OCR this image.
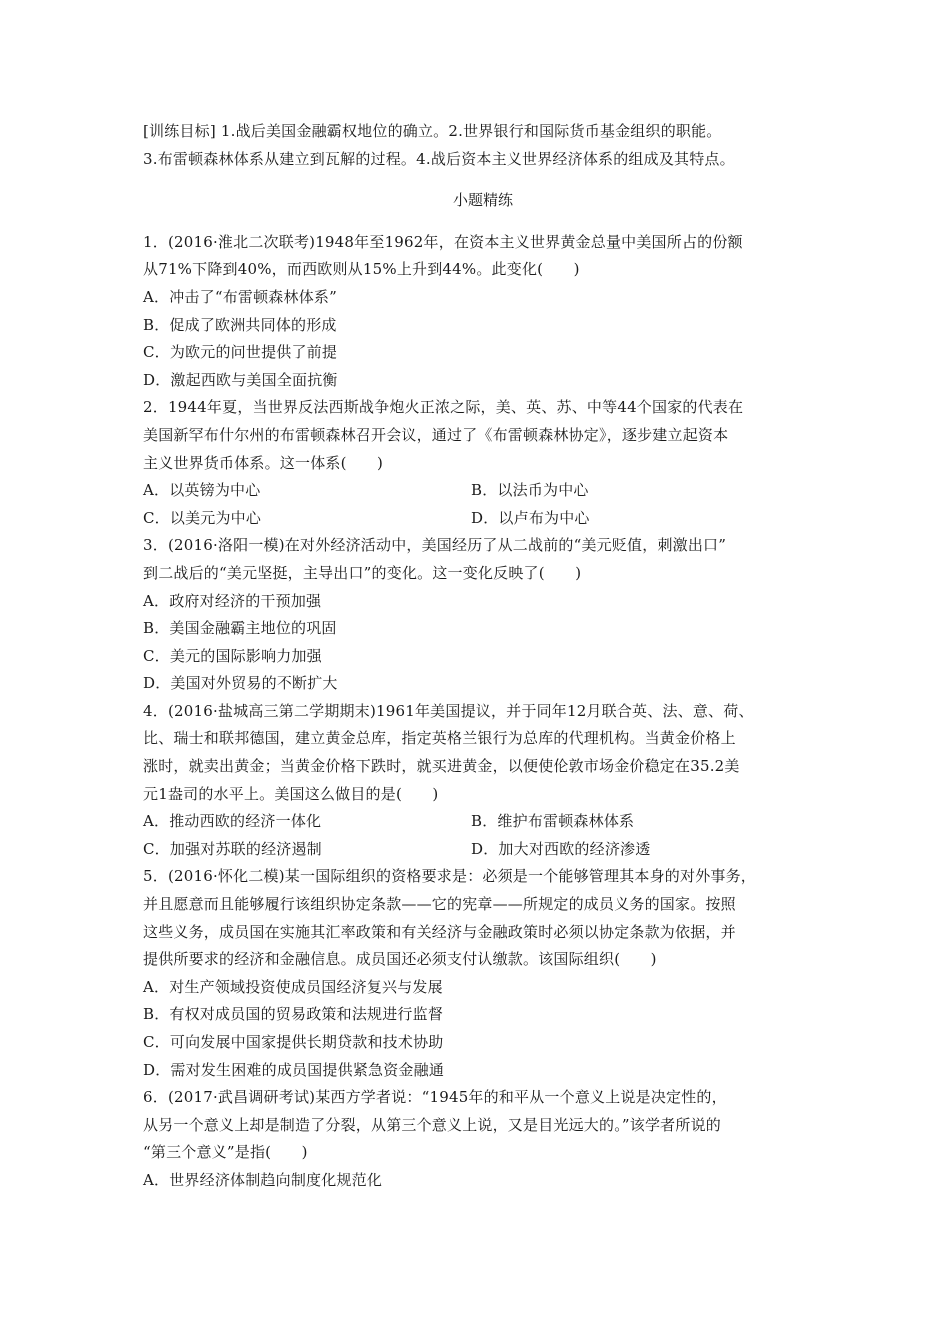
[训练目标] 1.战后美国金融霸权地位的确立。2.世界银行和国际货币基金组织的职能。
3.布雷顿森林体系从建立到瓦解的过程。4.战后资本主义世界经济体系的组成及其特点。
小题精练
1．(2016·淮北二次联考)1948年至1962年，在资本主义世界黄金总量中美国所占的份额
从71%下降到40%，而西欧则从15%上升到44%。此变化(　　)
A．冲击了“布雷顿森林体系”
B．促成了欧洲共同体的形成
C．为欧元的问世提供了前提
D．激起西欧与美国全面抗衡
2．1944年夏，当世界反法西斯战争炮火正浓之际，美、英、苏、中等44个国家的代表在
美国新罕布什尔州的布雷顿森林召开会议，通过了《布雷顿森林协定》，逐步建立起资本
主义世界货币体系。这一体系(　　)
A．以英镑为中心	B．以法币为中心
C．以美元为中心	D．以卢布为中心
3．(2016·洛阳一模)在对外经济活动中，美国经历了从二战前的“美元贬值，刺激出口”
到二战后的“美元坚挺，主导出口”的变化。这一变化反映了(　　)
A．政府对经济的干预加强
B．美国金融霸主地位的巩固
C．美元的国际影响力加强
D．美国对外贸易的不断扩大
4．(2016·盐城高三第二学期期末)1961年美国提议，并于同年12月联合英、法、意、荷、
比、瑞士和联邦德国，建立黄金总库，指定英格兰银行为总库的代理机构。当黄金价格上
涨时，就卖出黄金；当黄金价格下跌时，就买进黄金，以便使伦敦市场金价稳定在35.2美
元1盎司的水平上。美国这么做目的是(　　)
A．推动西欧的经济一体化	B．维护布雷顿森林体系
C．加强对苏联的经济遏制	D．加大对西欧的经济渗透
5．(2016·怀化二模)某一国际组织的资格要求是：必须是一个能够管理其本身的对外事务，
并且愿意而且能够履行该组织协定条款——它的宪章——所规定的成员义务的国家。按照
这些义务，成员国在实施其汇率政策和有关经济与金融政策时必须以协定条款为依据，并
提供所要求的经济和金融信息。成员国还必须支付认缴款。该国际组织(　　)
A．对生产领域投资使成员国经济复兴与发展
B．有权对成员国的贸易政策和法规进行监督
C．可向发展中国家提供长期贷款和技术协助
D．需对发生困难的成员国提供紧急资金融通
6．(2017·武昌调研考试)某西方学者说：“1945年的和平从一个意义上说是决定性的，
从另一个意义上却是制造了分裂，从第三个意义上说，又是目光远大的。”该学者所说的
“第三个意义”是指(　　)
A．世界经济体制趋向制度化规范化
